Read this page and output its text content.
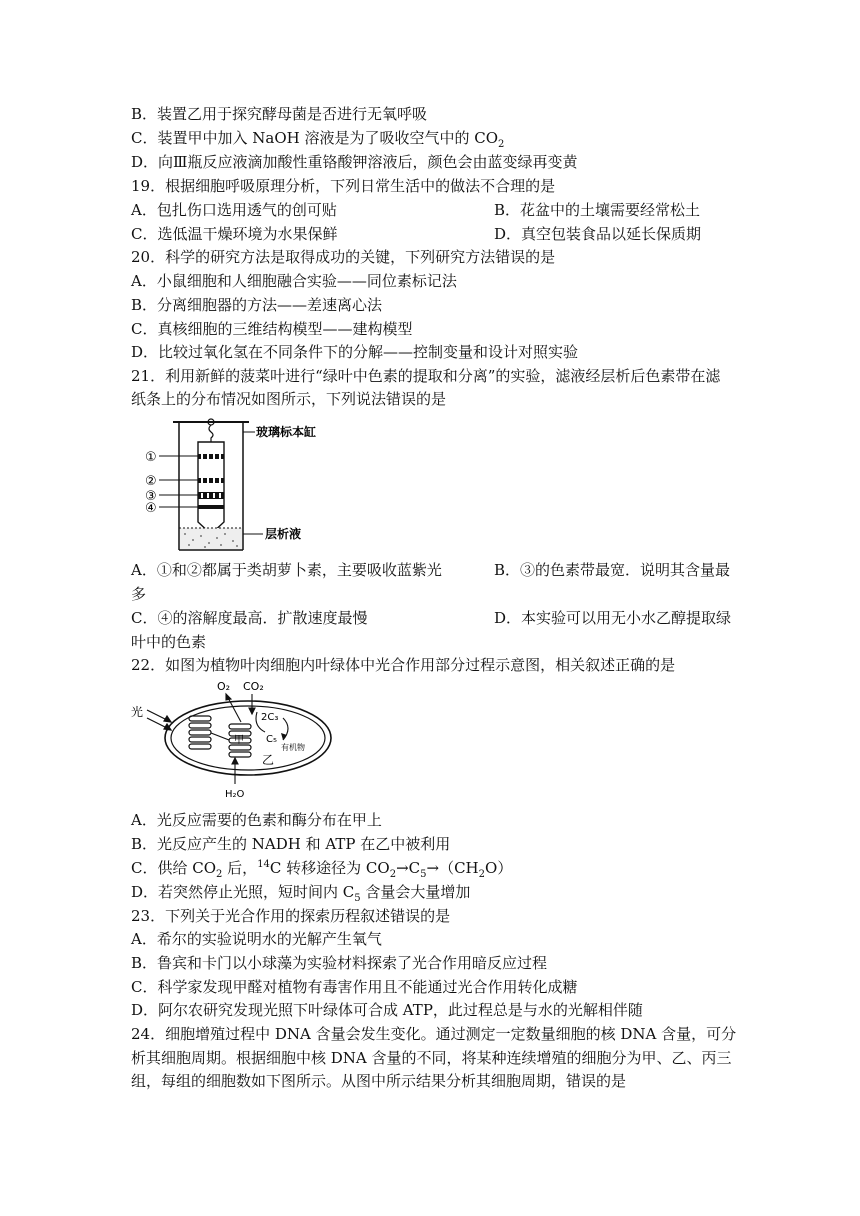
B．装置乙用于探究酵母菌是否进行无氧呼吸
C．装置甲中加入 NaOH 溶液是为了吸收空气中的 $CO_2$
D．向Ⅲ瓶反应液滴加酸性重铬酸钾溶液后，颜色会由蓝变绿再变黄
19．根据细胞呼吸原理分析，下列日常生活中的做法不合理的是
A．包扎伤口选用透气的创可贴	B．花盆中的土壤需要经常松土
C．选低温干燥环境为水果保鲜	D．真空包装食品以延长保质期
20．科学的研究方法是取得成功的关键，下列研究方法错误的是
A．小鼠细胞和人细胞融合实验——同位素标记法
B．分离细胞器的方法——差速离心法
C．真核细胞的三维结构模型——建构模型
D．比较过氧化氢在不同条件下的分解——控制变量和设计对照实验
21．利用新鲜的菠菜叶进行“绿叶中色素的提取和分离”的实验，滤液经层析后色素带在滤
纸条上的分布情况如图所示，下列说法错误的是
①
②
③
④
玻璃标本缸
层析液
A．①和②都属于类胡萝卜素，主要吸收蓝紫光	B．③的色素带最宽．说明其含量最
多
C．④的溶解度最高．扩散速度最慢	D．本实验可以用无小水乙醇提取绿
叶中的色素
22．如图为植物叶肉细胞内叶绿体中光合作用部分过程示意图，相关叙述正确的是
光
甲
O₂ CO₂
2C₃
C₅
有机物
乙
H₂O
A．光反应需要的色素和酶分布在甲上
B．光反应产生的 NADH 和 ATP 在乙中被利用
C．供给 $CO_2$ 后，$^{14}$C 转移途径为 $CO_2\to C_5\to(CH_2O)$
D．若突然停止光照，短时间内 $C_5$ 含量会大量增加
23．下列关于光合作用的探索历程叙述错误的是
A．希尔的实验说明水的光解产生氧气
B．鲁宾和卡门以小球藻为实验材料探索了光合作用暗反应过程
C．科学家发现甲醛对植物有毒害作用且不能通过光合作用转化成糖
D．阿尔农研究发现光照下叶绿体可合成 ATP，此过程总是与水的光解相伴随
24．细胞增殖过程中 DNA 含量会发生变化。通过测定一定数量细胞的核 DNA 含量，可分
析其细胞周期。根据细胞中核 DNA 含量的不同，将某种连续增殖的细胞分为甲、乙、丙三
组，每组的细胞数如下图所示。从图中所示结果分析其细胞周期，错误的是
